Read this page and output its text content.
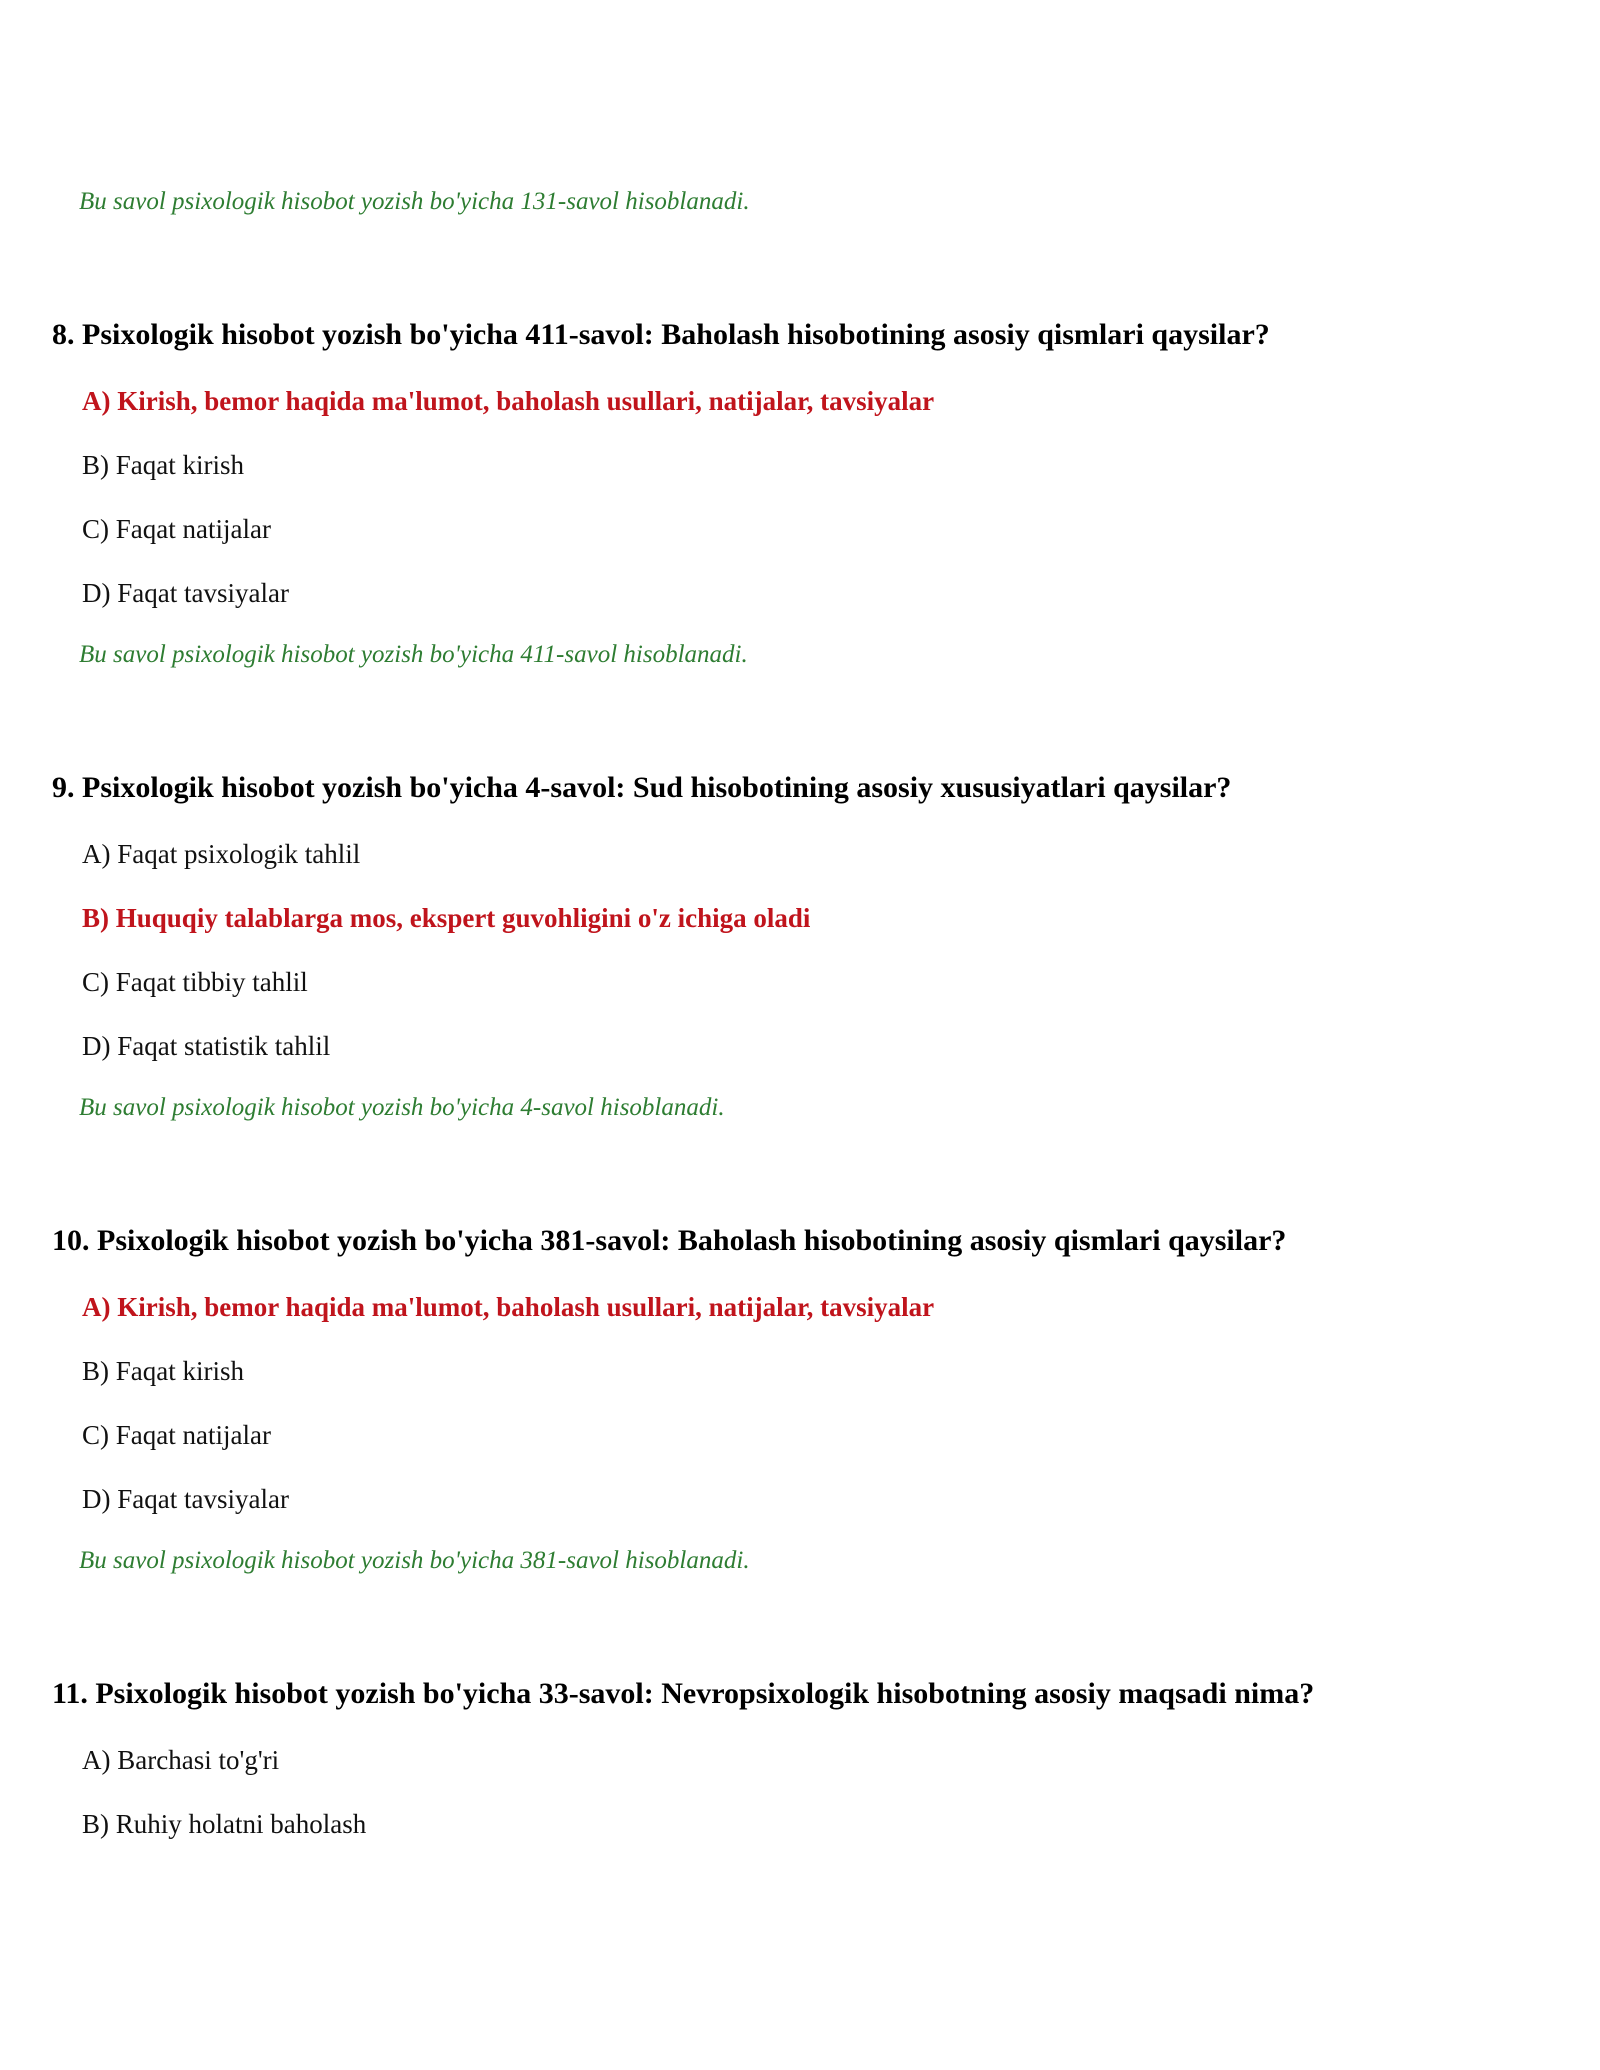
Bu savol psixologik hisobot yozish bo'yicha 131-savol hisoblanadi.
8. Psixologik hisobot yozish bo'yicha 411-savol: Baholash hisobotining asosiy qismlari qaysilar?
A) Kirish, bemor haqida ma'lumot, baholash usullari, natijalar, tavsiyalar
B) Faqat kirish
C) Faqat natijalar
D) Faqat tavsiyalar
Bu savol psixologik hisobot yozish bo'yicha 411-savol hisoblanadi.
9. Psixologik hisobot yozish bo'yicha 4-savol: Sud hisobotining asosiy xususiyatlari qaysilar?
A) Faqat psixologik tahlil
B) Huquqiy talablarga mos, ekspert guvohligini o'z ichiga oladi
C) Faqat tibbiy tahlil
D) Faqat statistik tahlil
Bu savol psixologik hisobot yozish bo'yicha 4-savol hisoblanadi.
10. Psixologik hisobot yozish bo'yicha 381-savol: Baholash hisobotining asosiy qismlari qaysilar?
A) Kirish, bemor haqida ma'lumot, baholash usullari, natijalar, tavsiyalar
B) Faqat kirish
C) Faqat natijalar
D) Faqat tavsiyalar
Bu savol psixologik hisobot yozish bo'yicha 381-savol hisoblanadi.
11. Psixologik hisobot yozish bo'yicha 33-savol: Nevropsixologik hisobotning asosiy maqsadi nima?
A) Barchasi to'g'ri
B) Ruhiy holatni baholash
